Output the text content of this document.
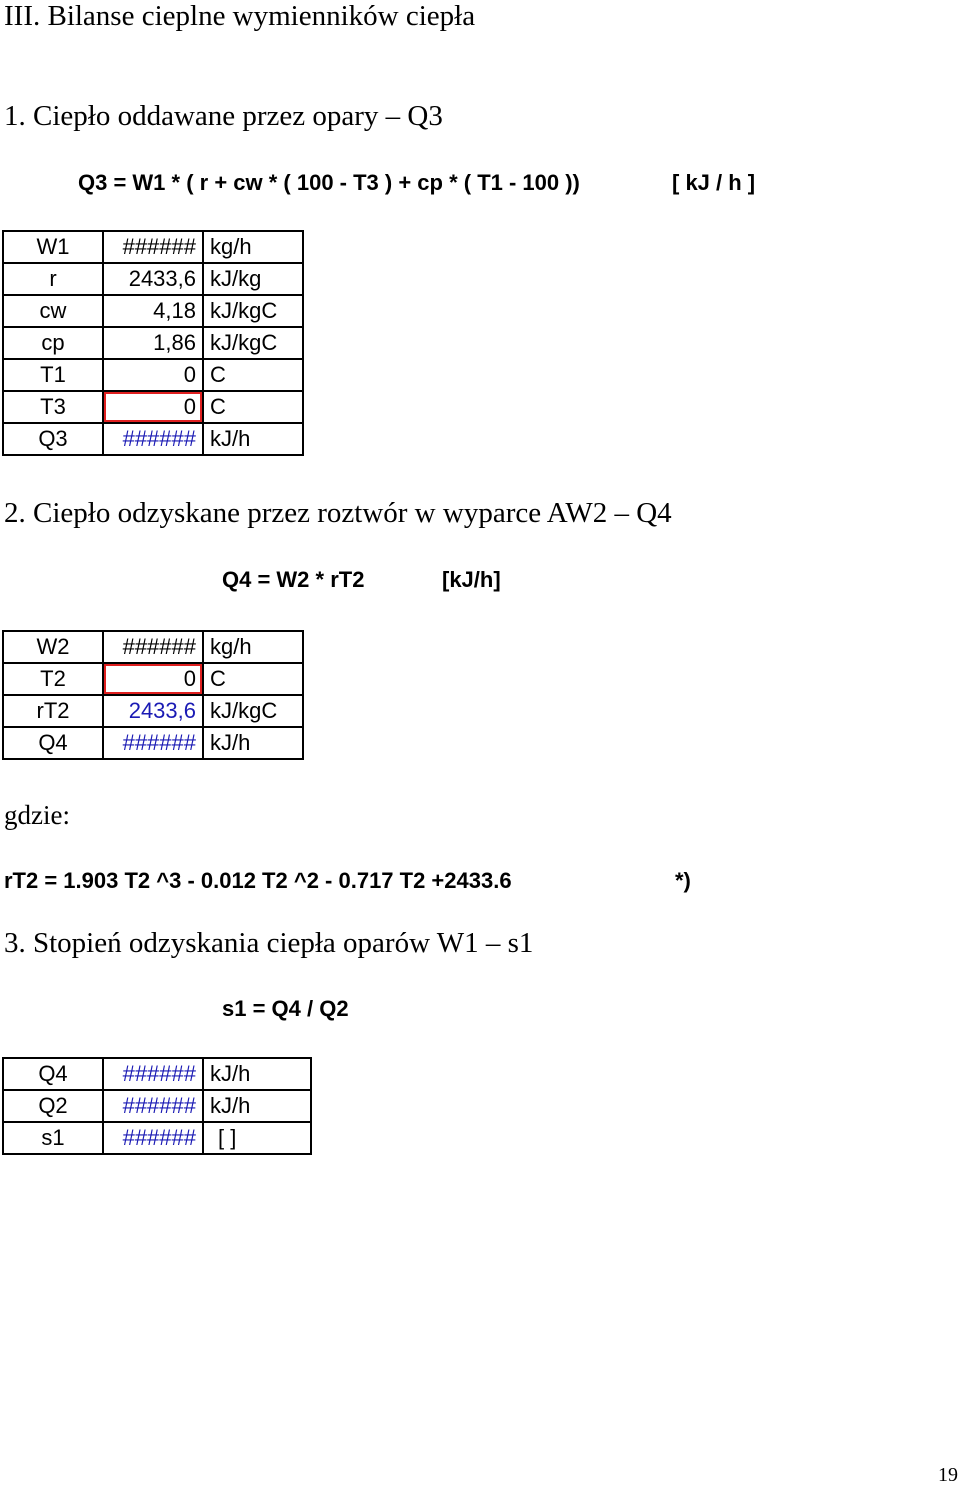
III. Bilanse cieplne wymienników ciepła
1. Ciepło oddawane przez opary – Q3
Q3 = W1 * ( r + cw * ( 100 - T3 ) + cp * ( T1 - 100 ))	[ kJ / h ]
W1	######	kg/h
r	2433,6	kJ/kg
cw	4,18	kJ/kgC
cp	1,86	kJ/kgC
T1	0	C
T3	0	C
Q3	######	kJ/h
2. Ciepło odzyskane przez roztwór w wyparce AW2 – Q4
Q4 = W2 * rT2	[kJ/h]
W2	######	kg/h
T2	0	C
rT2	2433,6	kJ/kgC
Q4	######	kJ/h
gdzie:
rT2 = 1.903 T2 ^3 - 0.012 T2 ^2 - 0.717 T2 +2433.6	*)
3. Stopień odzyskania ciepła oparów W1 – s1
s1 = Q4 / Q2
Q4	######	kJ/h
Q2	######	kJ/h
s1	######	[ ]
19
